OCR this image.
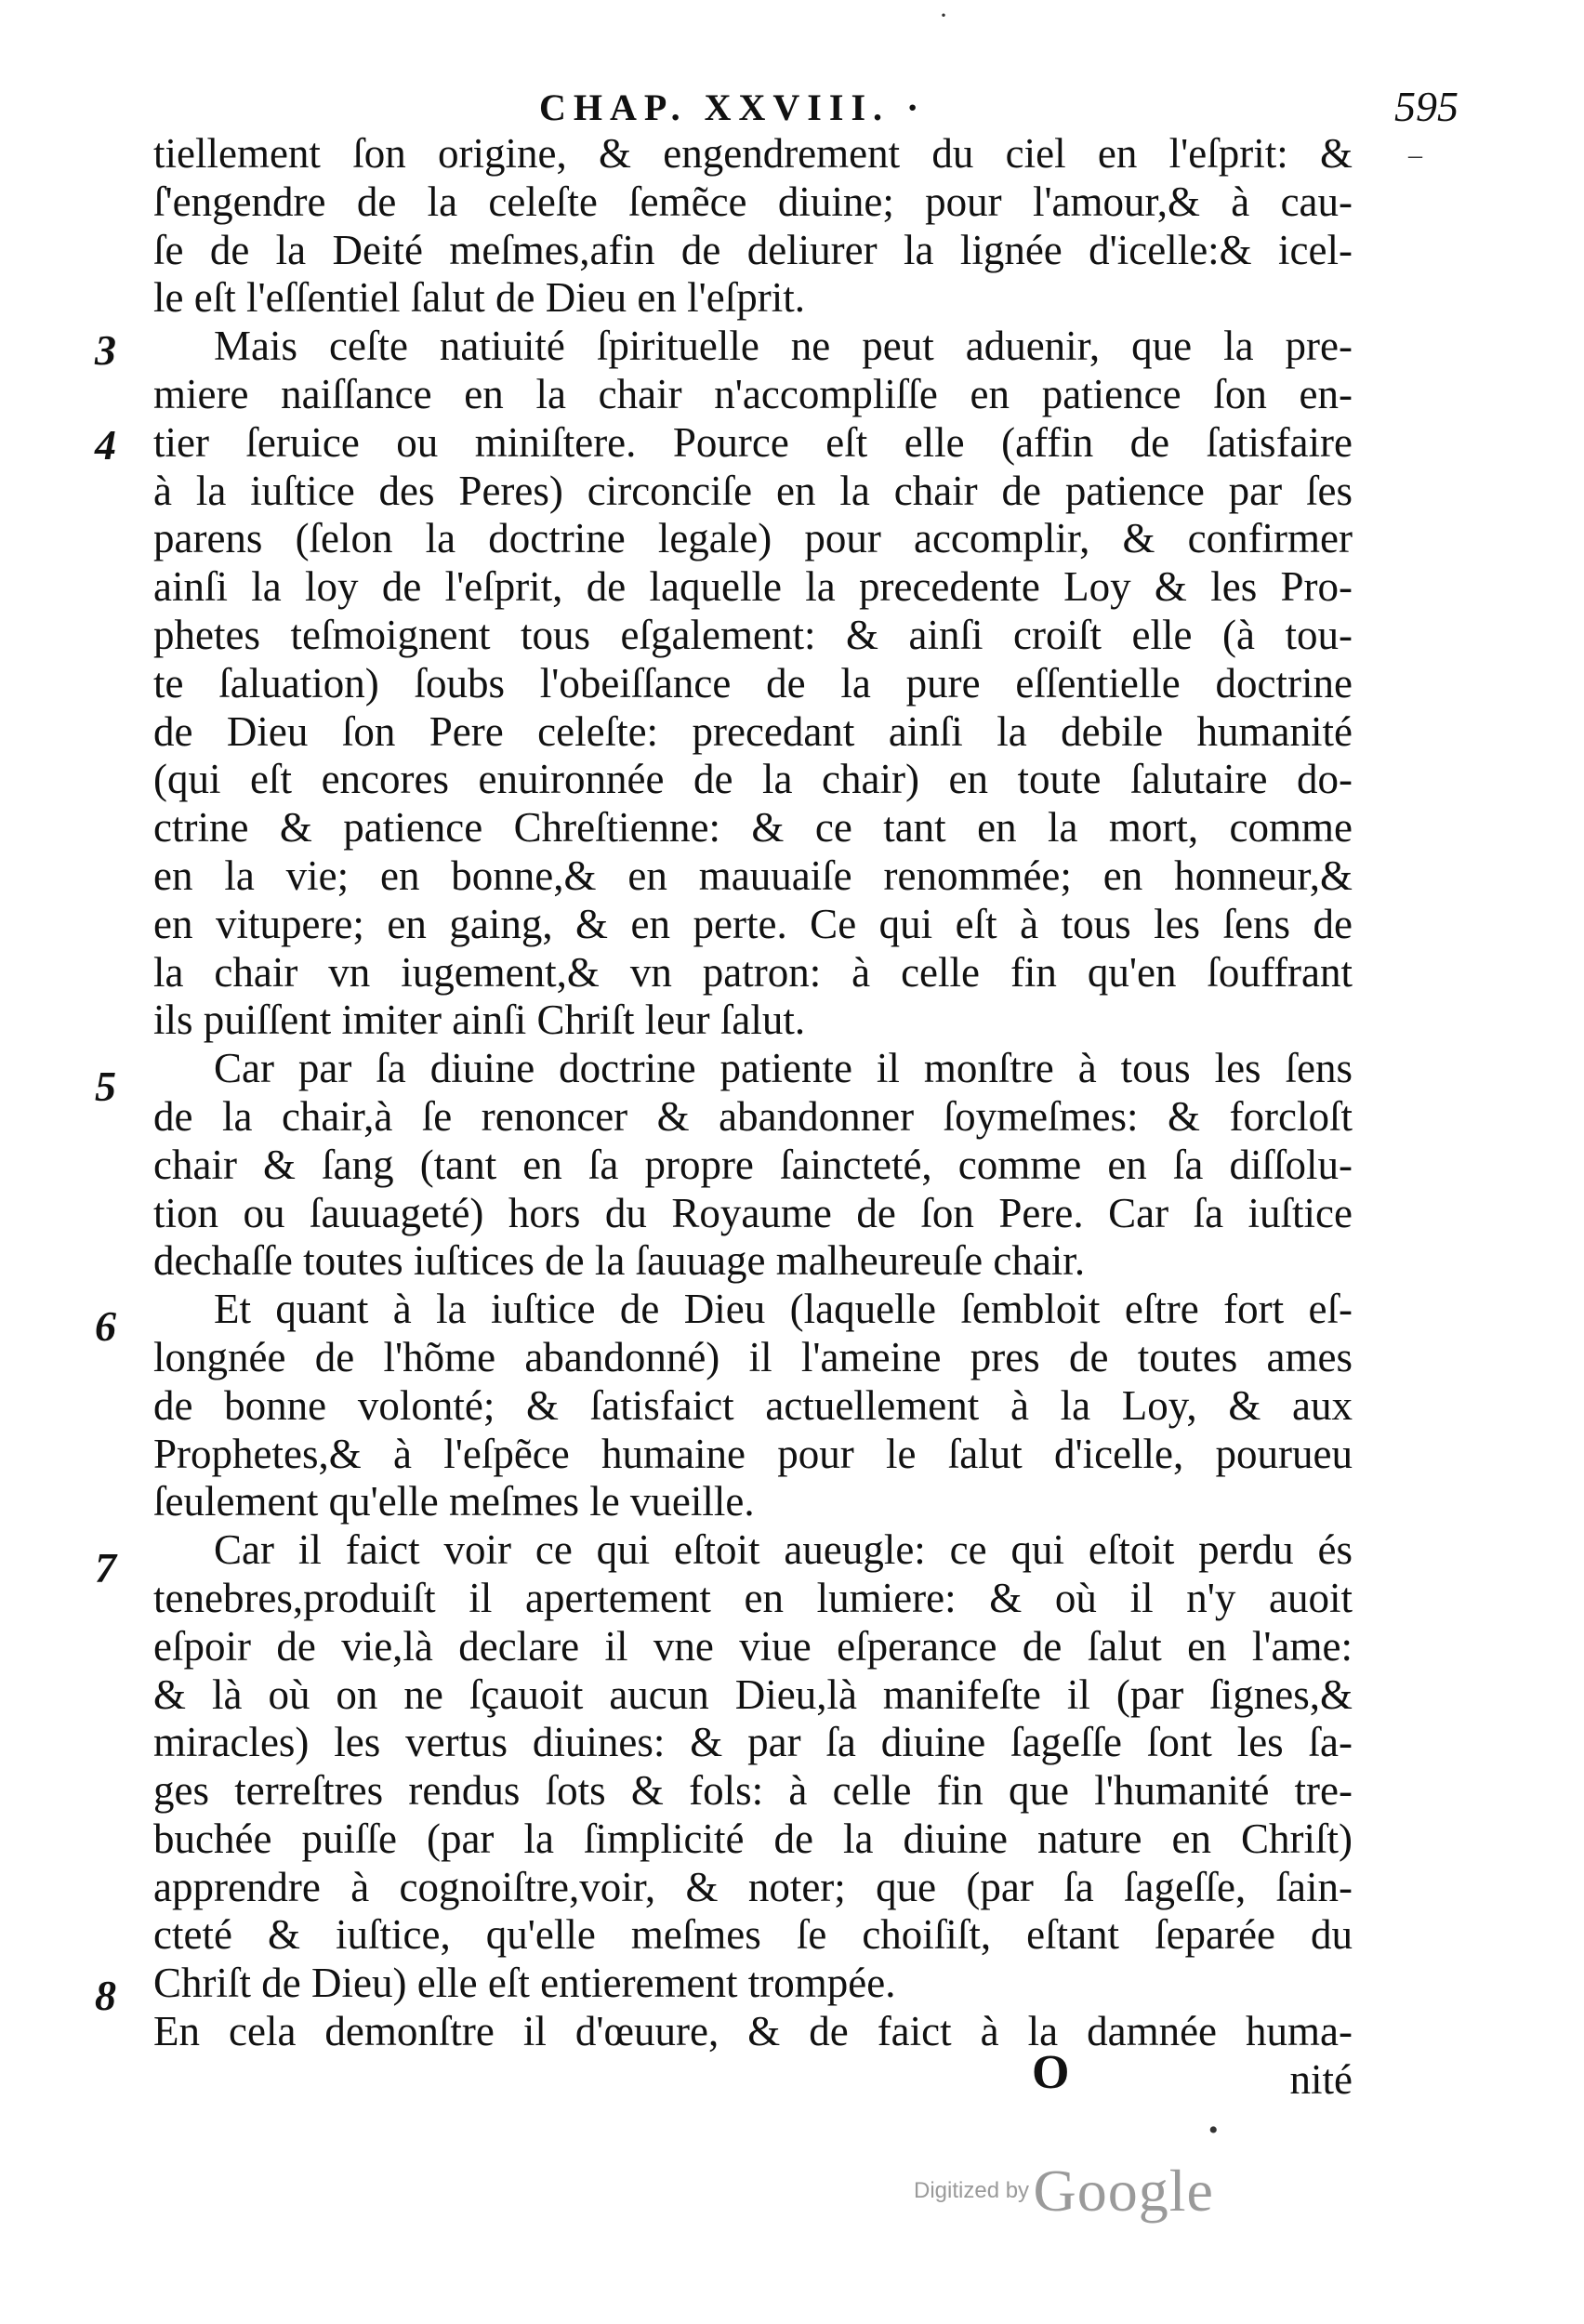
CHAP. XXVIII. ·	595
–
·
3
4
5
6
7
8
tiellement ſon origine, & engendrement du ciel en l'eſprit: &
ſ'engendre de la celeſte ſemẽce diuine; pour l'amour,& à cau-
ſe de la Deité meſmes,afin de deliurer la lignée d'icelle:& icel-
le eſt l'eſſentiel ſalut de Dieu en l'eſprit.
Mais ceſte natiuité ſpirituelle ne peut aduenir, que la pre-
miere naiſſance en la chair n'accompliſſe en patience ſon en-
tier ſeruice ou miniſtere. Pource eſt elle (affin de ſatisfaire
à la iuſtice des Peres) circonciſe en la chair de patience par ſes
parens (ſelon la doctrine legale) pour accomplir, & confirmer
ainſi la loy de l'eſprit, de laquelle la precedente Loy & les Pro-
phetes teſmoignent tous eſgalement: & ainſi croiſt elle (à tou-
te ſaluation) ſoubs l'obeiſſance de la pure eſſentielle doctrine
de Dieu ſon Pere celeſte: precedant ainſi la debile humanité
(qui eſt encores enuironnée de la chair) en toute ſalutaire do-
ctrine & patience Chreſtienne: & ce tant en la mort, comme
en la vie; en bonne,& en mauuaiſe renommée; en honneur,&
en vitupere; en gaing, & en perte. Ce qui eſt à tous les ſens de
la chair vn iugement,& vn patron: à celle fin qu'en ſouffrant
ils puiſſent imiter ainſi Chriſt leur ſalut.
Car par ſa diuine doctrine patiente il monſtre à tous les ſens
de la chair,à ſe renoncer & abandonner ſoymeſmes: & forcloſt
chair & ſang (tant en ſa propre ſaincteté, comme en ſa diſſolu-
tion ou ſauuageté) hors du Royaume de ſon Pere. Car ſa iuſtice
dechaſſe toutes iuſtices de la ſauuage malheureuſe chair.
Et quant à la iuſtice de Dieu (laquelle ſembloit eſtre fort eſ-
longnée de l'hõme abandonné) il l'ameine pres de toutes ames
de bonne volonté; & ſatisfaict actuellement à la Loy, & aux
Prophetes,& à l'eſpẽce humaine pour le ſalut d'icelle, pourueu
ſeulement qu'elle meſmes le vueille.
Car il faict voir ce qui eſtoit aueugle: ce qui eſtoit perdu és
tenebres,produiſt il apertement en lumiere: & où il n'y auoit
eſpoir de vie,là declare il vne viue eſperance de ſalut en l'ame:
& là où on ne ſçauoit aucun Dieu,là manifeſte il (par ſignes,&
miracles) les vertus diuines: & par ſa diuine ſageſſe ſont les ſa-
ges terreſtres rendus ſots & fols: à celle fin que l'humanité tre-
buchée puiſſe (par la ſimplicité de la diuine nature en Chriſt)
apprendre à cognoiſtre,voir, & noter; que (par ſa ſageſſe, ſain-
cteté & iuſtice, qu'elle meſmes ſe choiſiſt, eſtant ſeparée du
Chriſt de Dieu) elle eſt entierement trompée.
En cela demonſtre il d'œuure, & de faict à la damnée huma-
nité
O
•
Digitized by Google
